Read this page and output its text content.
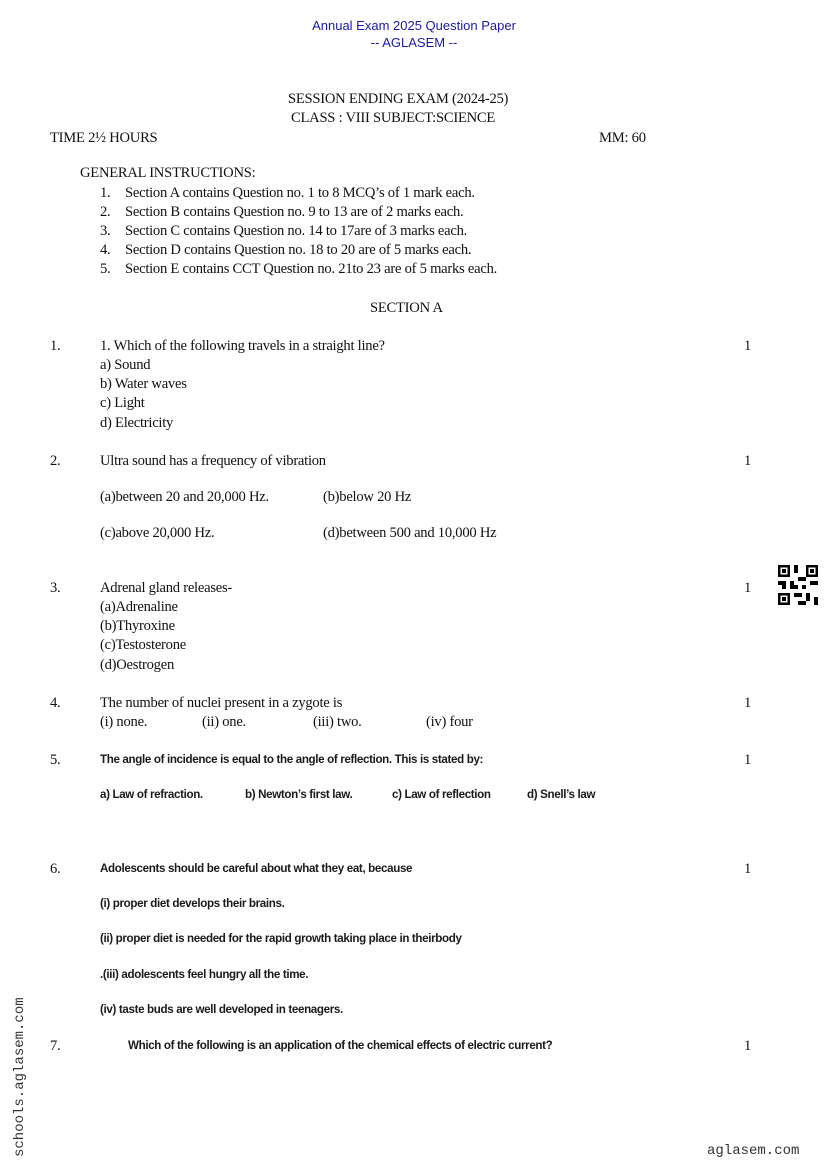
Annual Exam 2025 Question Paper
-- AGLASEM --
SESSION ENDING EXAM (2024-25)
CLASS : VIII SUBJECT:SCIENCE
TIME 2½ HOURS	MM: 60
GENERAL INSTRUCTIONS:
1. Section A contains Question no. 1 to 8 MCQ’s of 1 mark each.
2. Section B contains Question no. 9 to 13 are of 2 marks each.
3. Section C contains Question no. 14 to 17are of 3 marks each.
4. Section D contains Question no. 18 to 20 are of 5 marks each.
5. Section E contains CCT Question no. 21to 23 are of 5 marks each.
SECTION A
1.	1. Which of the following travels in a straight line?	1
a) Sound
b) Water waves
c) Light
d) Electricity
2.	Ultra sound has a frequency of vibration	1
(a)between 20 and 20,000 Hz.	(b)below 20 Hz
(c)above 20,000 Hz.	(d)between 500 and 10,000 Hz
3.	Adrenal gland releases-	1
(a)Adrenaline
(b)Thyroxine
(c)Testosterone
(d)Oestrogen
4.	The number of nuclei present in a zygote is	1
(i) none.	(ii) one.	(iii) two.	(iv) four
5.	The angle of incidence is equal to the angle of reflection. This is stated by:	1
a) Law of refraction.	b) Newton’s first law.	c) Law of reflection	d) Snell’s law
6.	Adolescents should be careful about what they eat, because	1
(i) proper diet develops their brains.
(ii) proper diet is needed for the rapid growth taking place in theirbody
.(iii) adolescents feel hungry all the time.
(iv) taste buds are well developed in teenagers.
7.	Which of the following is an application of the chemical effects of electric current?	1
schools.aglasem.com	aglasem.com
